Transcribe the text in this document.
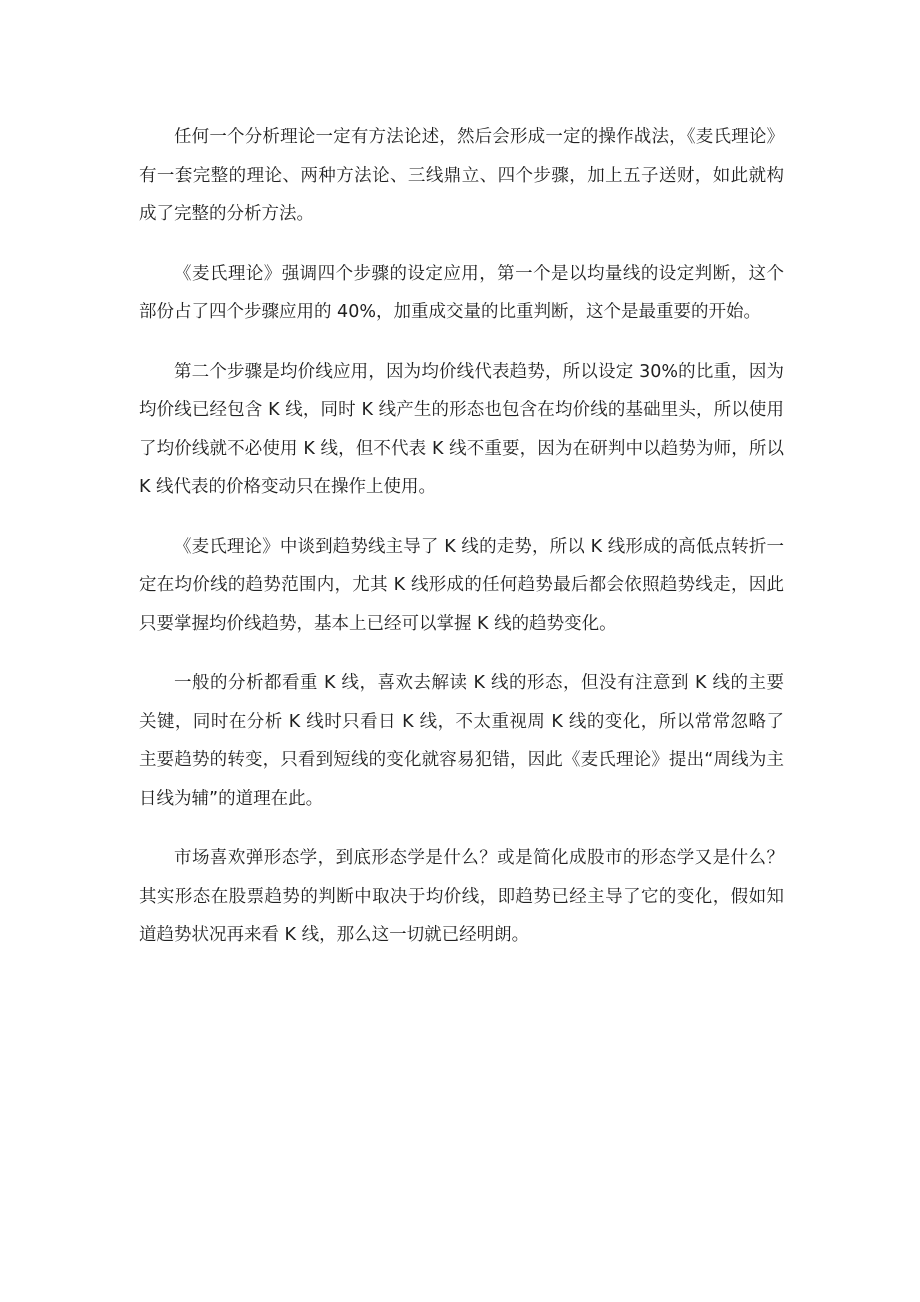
任何一个分析理论一定有方法论述，然后会形成一定的操作战法，《麦氏理论》有一套完整的理论、两种方法论、三线鼎立、四个步骤，加上五子送财，如此就构成了完整的分析方法。

《麦氏理论》强调四个步骤的设定应用，第一个是以均量线的设定判断，这个部份占了四个步骤应用的 40%，加重成交量的比重判断，这个是最重要的开始。

第二个步骤是均价线应用，因为均价线代表趋势，所以设定 30%的比重，因为均价线已经包含 K 线，同时 K 线产生的形态也包含在均价线的基础里头，所以使用了均价线就不必使用 K 线，但不代表 K 线不重要，因为在研判中以趋势为师，所以 K 线代表的价格变动只在操作上使用。

《麦氏理论》中谈到趋势线主导了 K 线的走势，所以 K 线形成的高低点转折一定在均价线的趋势范围内，尤其 K 线形成的任何趋势最后都会依照趋势线走，因此只要掌握均价线趋势，基本上已经可以掌握 K 线的趋势变化。

一般的分析都看重 K 线，喜欢去解读 K 线的形态，但没有注意到 K 线的主要关键，同时在分析 K 线时只看日 K 线，不太重视周 K 线的变化，所以常常忽略了主要趋势的转变，只看到短线的变化就容易犯错，因此《麦氏理论》提出“周线为主日线为辅”的道理在此。

市场喜欢弹形态学，到底形态学是什么？或是简化成股市的形态学又是什么？其实形态在股票趋势的判断中取决于均价线，即趋势已经主导了它的变化，假如知道趋势状况再来看 K 线，那么这一切就已经明朗。
